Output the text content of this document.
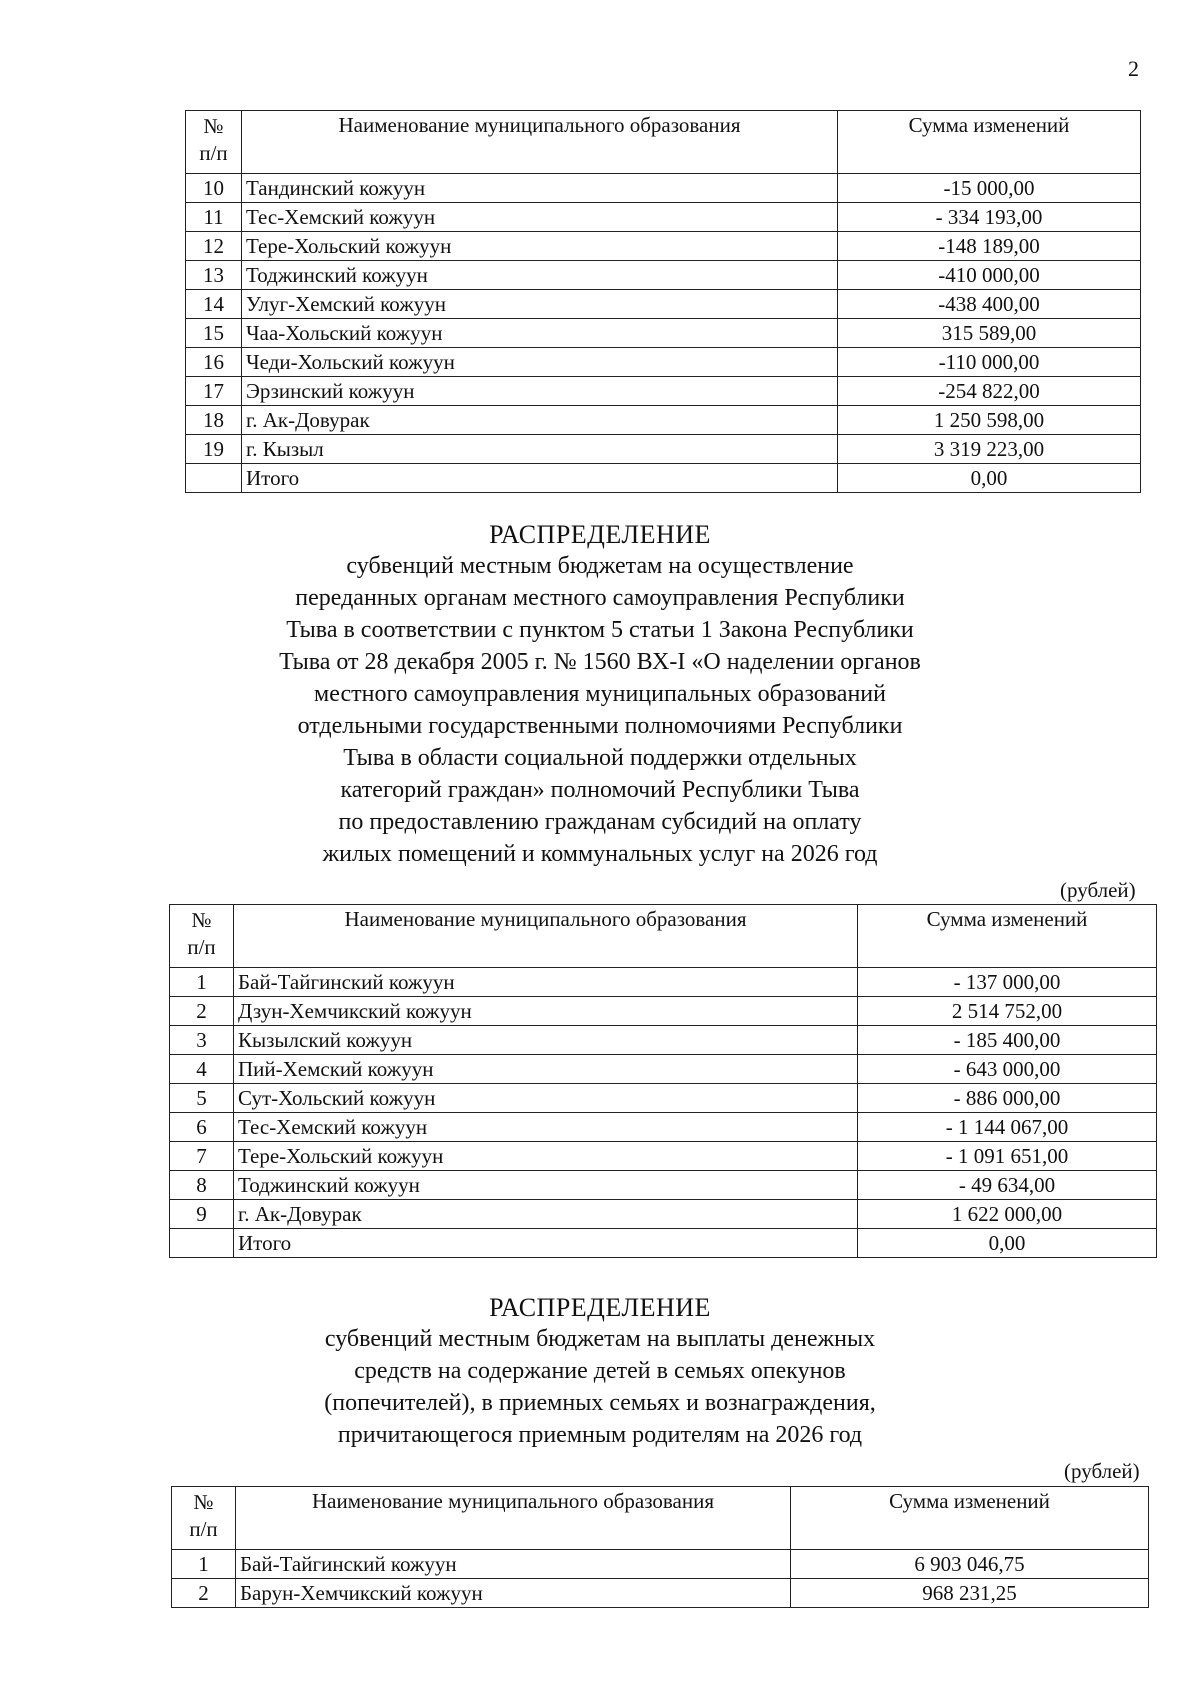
2
№
п/п	Наименование муниципального образования	Сумма изменений
10	Тандинский кожуун	-15 000,00
11	Тес-Хемский кожуун	- 334 193,00
12	Тере-Хольский кожуун	-148 189,00
13	Тоджинский кожуун	-410 000,00
14	Улуг-Хемский кожуун	-438 400,00
15	Чаа-Хольский кожуун	315 589,00
16	Чеди-Хольский кожуун	-110 000,00
17	Эрзинский кожуун	-254 822,00
18	г. Ак-Довурак	1 250 598,00
19	г. Кызыл	3 319 223,00
	Итого	0,00
РАСПРЕДЕЛЕНИЕ
субвенций местным бюджетам на осуществление
переданных органам местного самоуправления Республики
Тыва в соответствии с пунктом 5 статьи 1 Закона Республики
Тыва от 28 декабря 2005 г. № 1560 ВХ-I «О наделении органов
местного самоуправления муниципальных образований
отдельными государственными полномочиями Республики
Тыва в области социальной поддержки отдельных
категорий граждан» полномочий Республики Тыва
по предоставлению гражданам субсидий на оплату
жилых помещений и коммунальных услуг на 2026 год
(рублей)
№
п/п	Наименование муниципального образования	Сумма изменений
1	Бай-Тайгинский кожуун	- 137 000,00
2	Дзун-Хемчикский кожуун	2 514 752,00
3	Кызылский кожуун	- 185 400,00
4	Пий-Хемский кожуун	- 643 000,00
5	Сут-Хольский кожуун	- 886 000,00
6	Тес-Хемский кожуун	- 1 144 067,00
7	Тере-Хольский кожуун	- 1 091 651,00
8	Тоджинский кожуун	- 49 634,00
9	г. Ак-Довурак	1 622 000,00
	Итого	0,00
РАСПРЕДЕЛЕНИЕ
субвенций местным бюджетам на выплаты денежных
средств на содержание детей в семьях опекунов
(попечителей), в приемных семьях и вознаграждения,
причитающегося приемным родителям на 2026 год
(рублей)
№
п/п	Наименование муниципального образования	Сумма изменений
1	Бай-Тайгинский кожуун	6 903 046,75
2	Барун-Хемчикский кожуун	968 231,25
